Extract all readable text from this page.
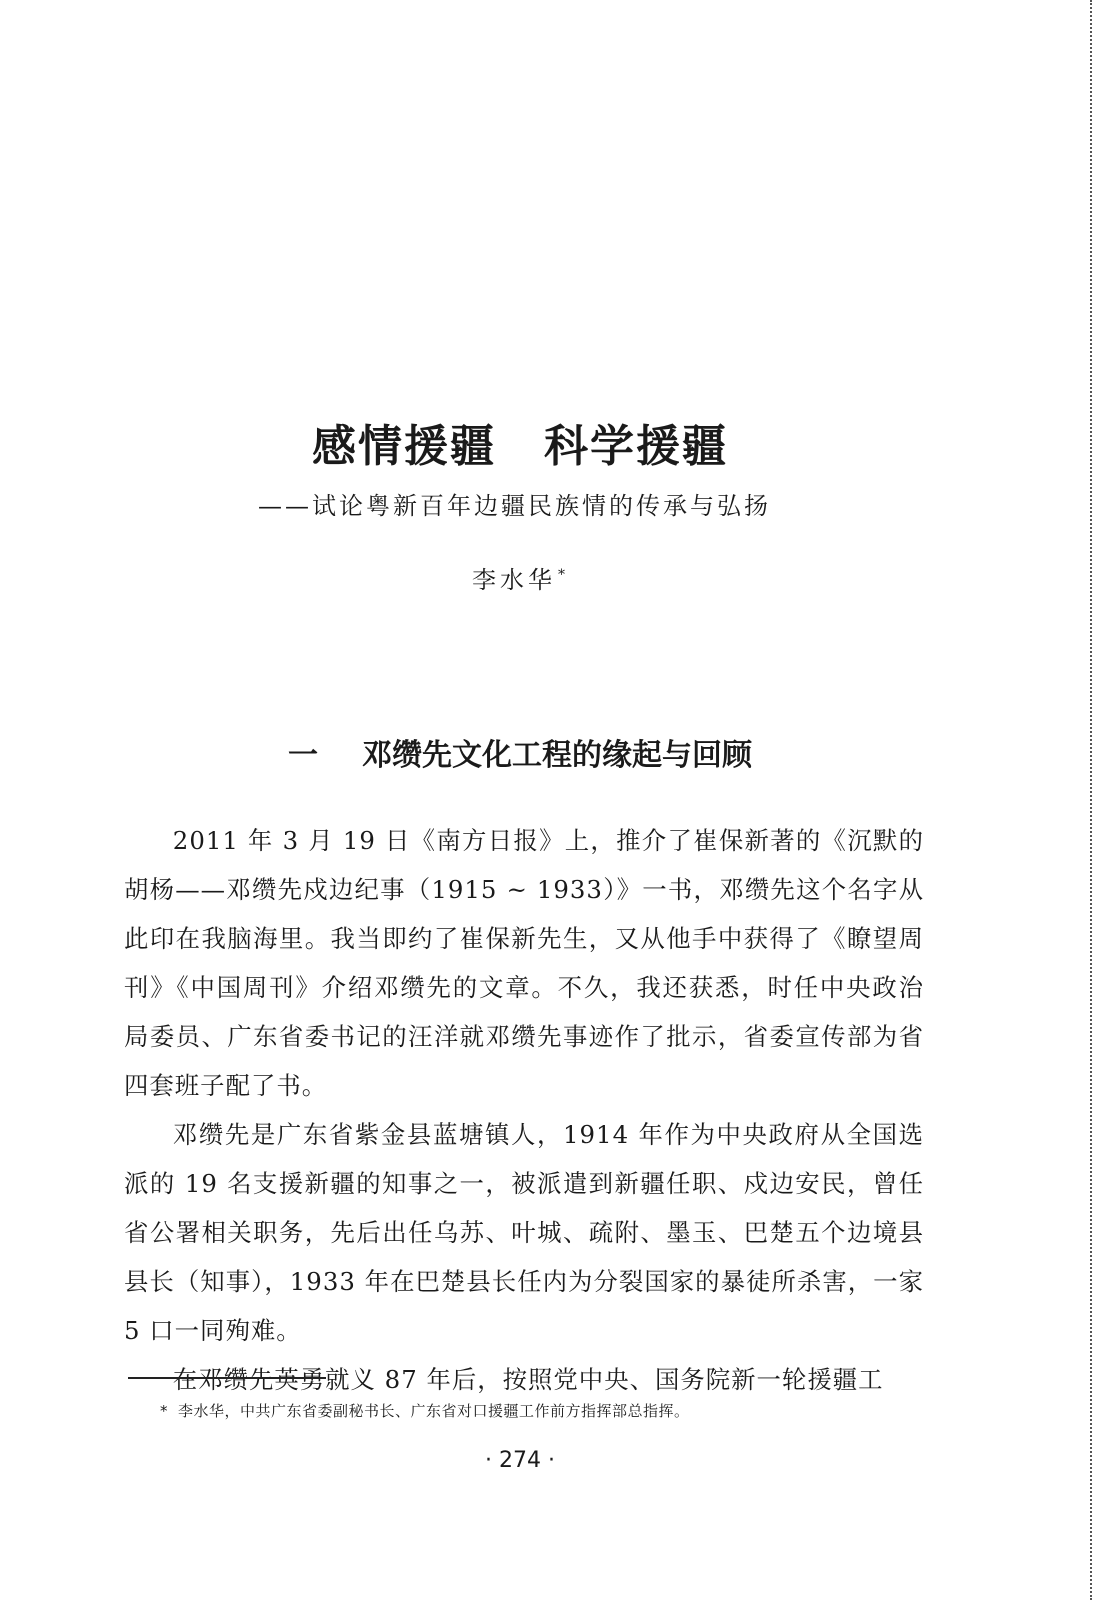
感情援疆 科学援疆
——试论粤新百年边疆民族情的传承与弘扬
李水华 *
一 邓缵先文化工程的缘起与回顾

2011 年 3 月 19 日《南方日报》上，推介了崔保新著的《沉默的胡杨——邓缵先戍边纪事（1915 ~ 1933）》一书，邓缵先这个名字从此印在我脑海里。我当即约了崔保新先生，又从他手中获得了《瞭望周刊》《中国周刊》介绍邓缵先的文章。不久，我还获悉，时任中央政治局委员、广东省委书记的汪洋就邓缵先事迹作了批示，省委宣传部为省四套班子配了书。

邓缵先是广东省紫金县蓝塘镇人，1914 年作为中央政府从全国选派的 19 名支援新疆的知事之一，被派遣到新疆任职、戍边安民，曾任省公署相关职务，先后出任乌苏、叶城、疏附、墨玉、巴楚五个边境县县长（知事），1933 年在巴楚县长任内为分裂国家的暴徒所杀害，一家 5 口一同殉难。

在邓缵先英勇就义 87 年后，按照党中央、国务院新一轮援疆工

* 李水华，中共广东省委副秘书长、广东省对口援疆工作前方指挥部总指挥。
· 274 ·
